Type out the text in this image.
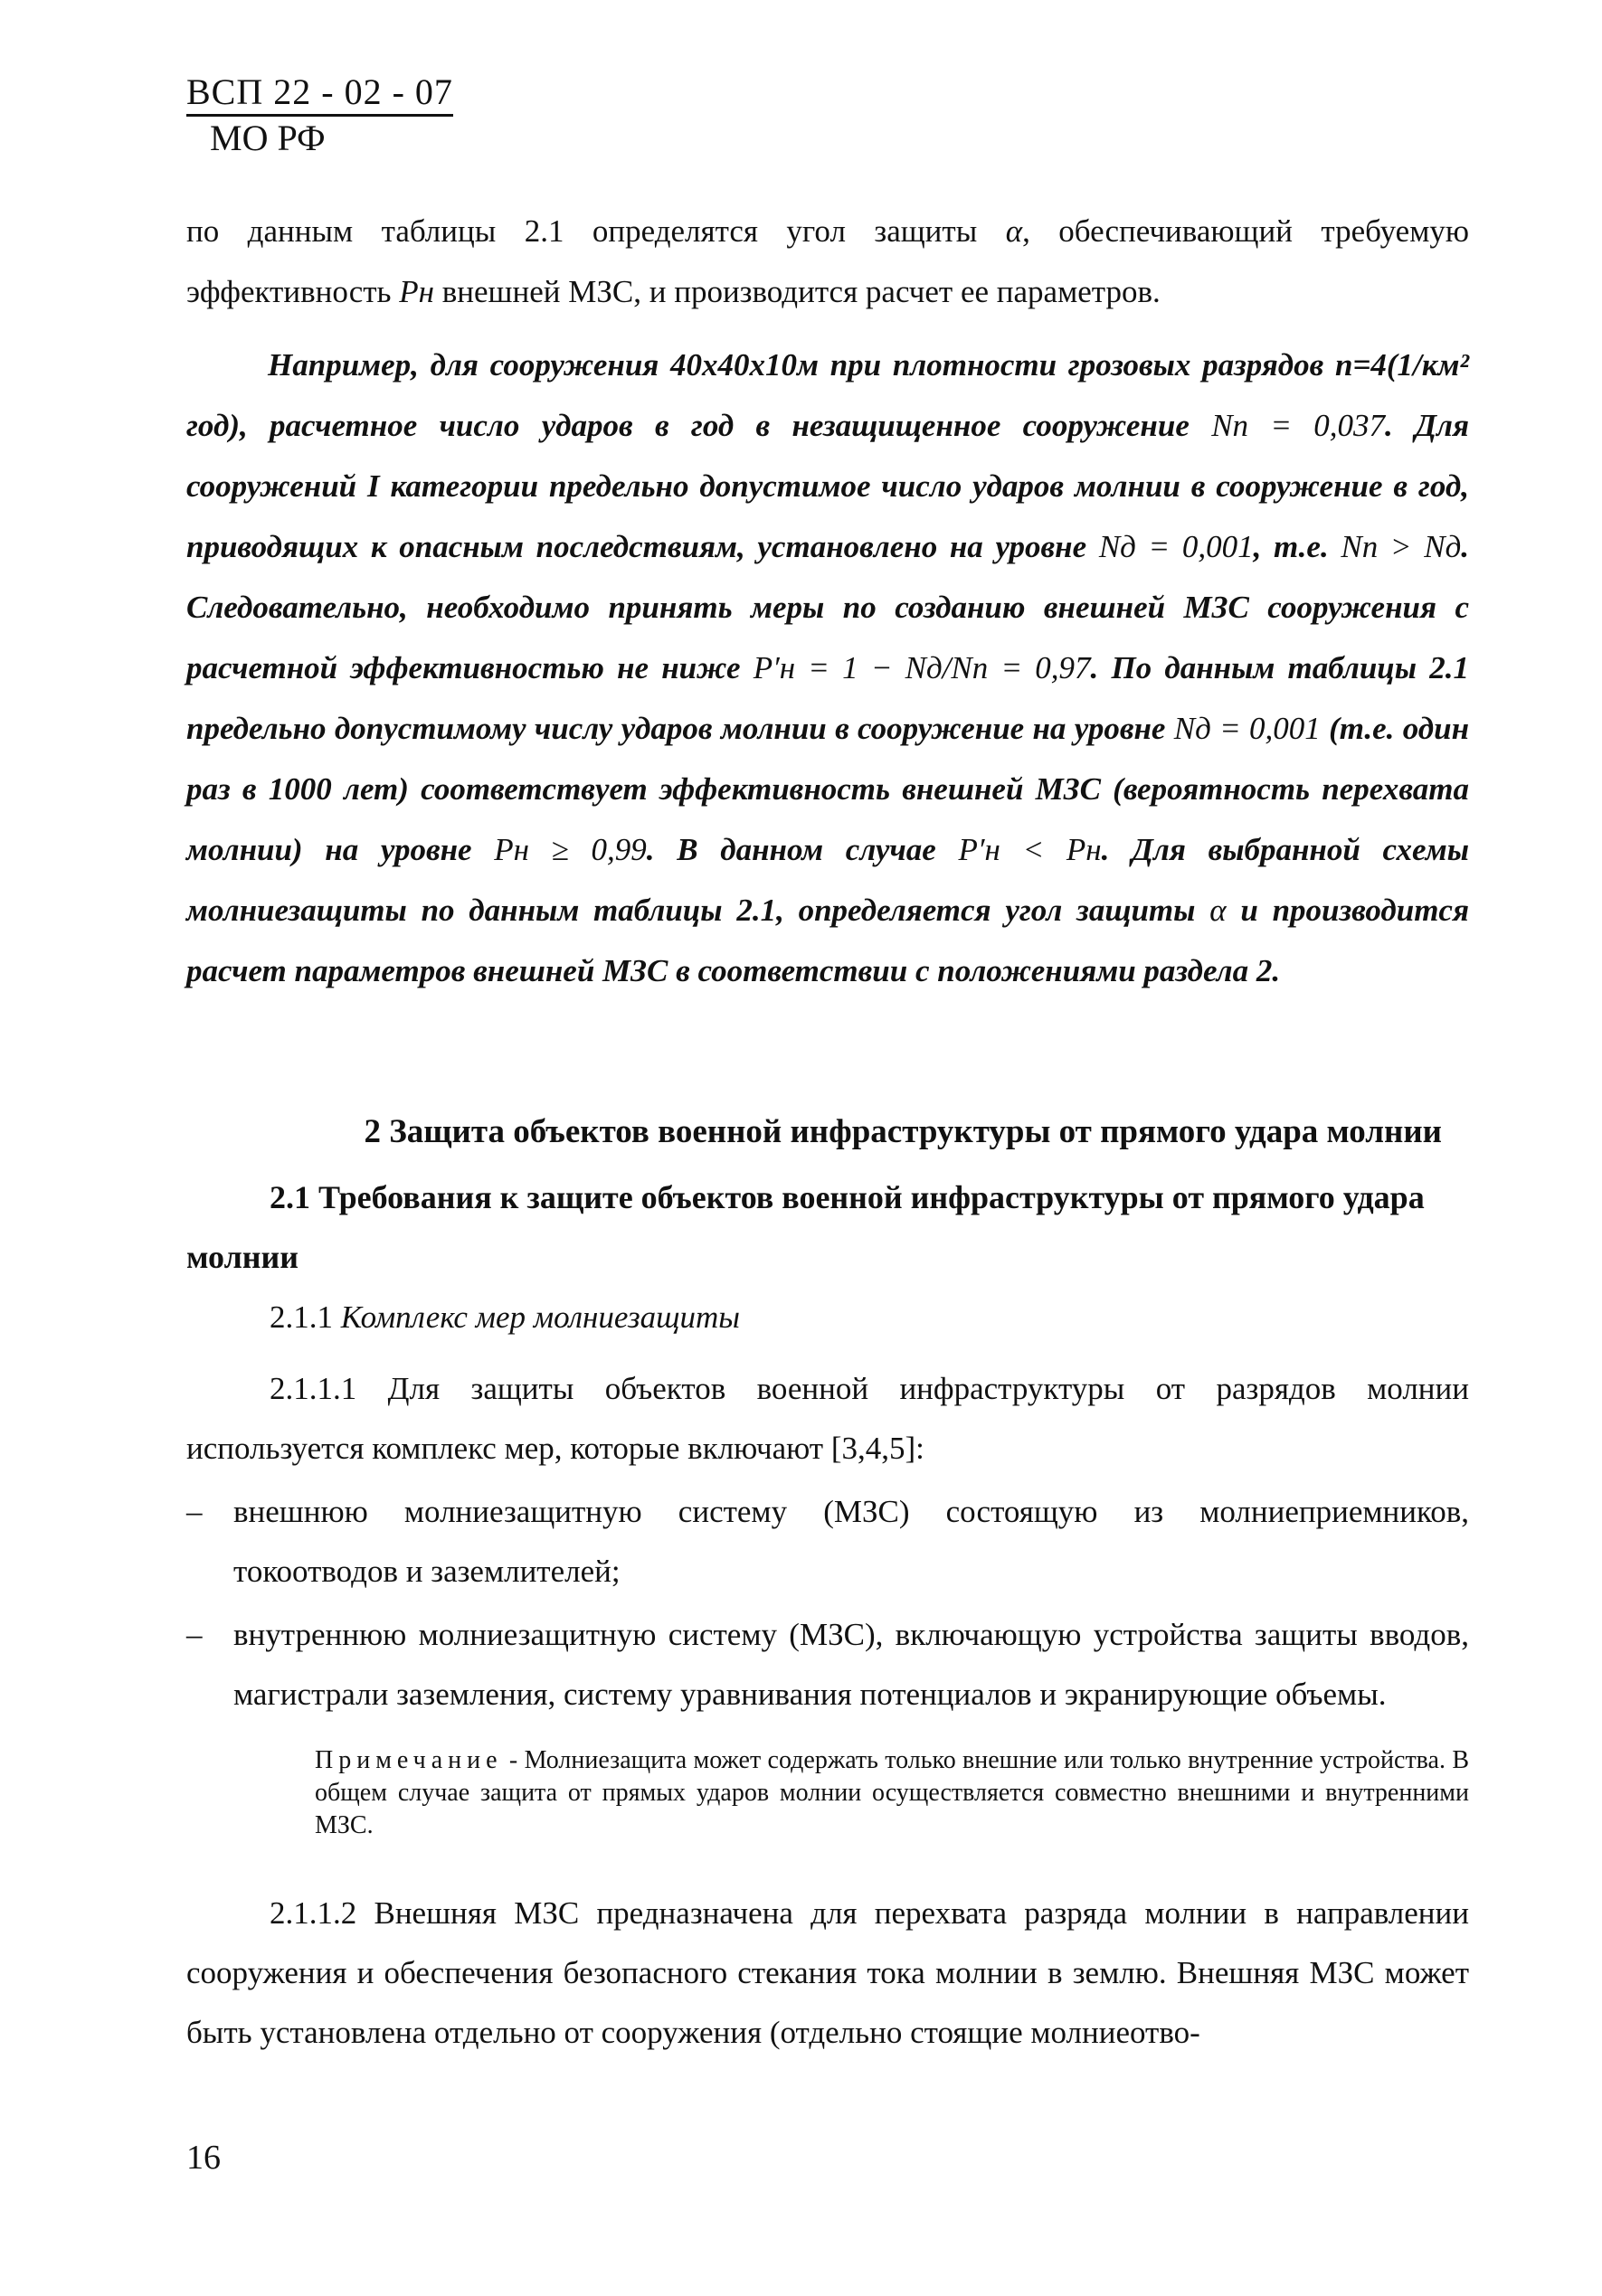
ВСП 22 - 02 - 07
МО РФ

по данным таблицы 2.1 определятся угол защиты α, обеспечивающий требуемую эффективность Pн внешней МЗС, и производится расчет ее параметров.

Например, для сооружения 40х40х10м при плотности грозовых разрядов n=4(1/км² год), расчетное число ударов в год в незащищенное сооружение Nп = 0,037. Для сооружений I категории предельно допустимое число ударов молнии в сооружение в год, приводящих к опасным последствиям, установлено на уровне Nд = 0,001, т.е. Nп > Nд. Следовательно, необходимо принять меры по созданию внешней МЗС сооружения с расчетной эффективностью не ниже P′н = 1 − Nд/Nп = 0,97. По данным таблицы 2.1 предельно допустимому числу ударов молнии в сооружение на уровне Nд = 0,001 (т.е. один раз в 1000 лет) соответствует эффективность внешней МЗС (вероятность перехвата молнии) на уровне Pн ≥ 0,99. В данном случае P′н < Pн. Для выбранной схемы молниезащиты по данным таблицы 2.1, определяется угол защиты α и производится расчет параметров внешней МЗС в соответствии с положениями раздела 2.

2 Защита объектов военной инфраструктуры от прямого удара молнии
2.1 Требования к защите объектов военной инфраструктуры от прямого удара молнии
2.1.1 Комплекс мер молниезащиты

2.1.1.1 Для защиты объектов военной инфраструктуры от разрядов молнии используется комплекс мер, которые включают [3,4,5]:

– внешнюю молниезащитную систему (МЗС) состоящую из молниеприемников, токоотводов и заземлителей;
– внутреннюю молниезащитную систему (МЗС), включающую устройства защиты вводов, магистрали заземления, систему уравнивания потенциалов и экранирующие объемы.

Примечание - Молниезащита может содержать только внешние или только внутренние устройства. В общем случае защита от прямых ударов молнии осуществляется совместно внешними и внутренними МЗС.

2.1.1.2 Внешняя МЗС предназначена для перехвата разряда молнии в направлении сооружения и обеспечения безопасного стекания тока молнии в землю. Внешняя МЗС может быть установлена отдельно от сооружения (отдельно стоящие молниеотво-

16
